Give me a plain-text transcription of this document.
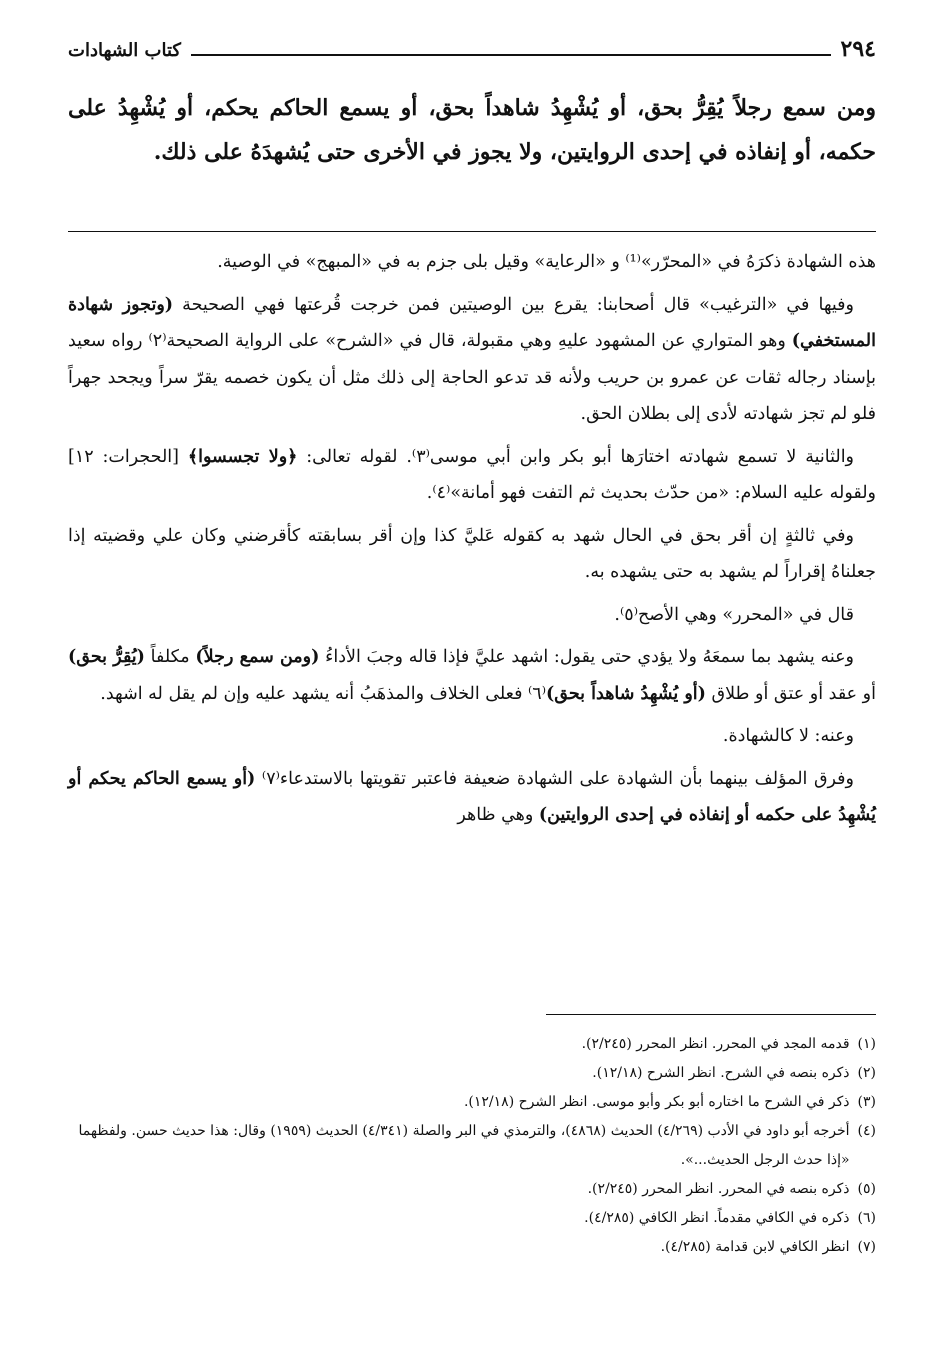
٢٩٤
كتاب الشهادات

ومن سمع رجلاً يُقِرُّ بحق، أو يُشْهِدُ شاهداً بحق، أو يسمع الحاكم يحكم، أو يُشْهِدُ على حكمه، أو إنفاذه في إحدى الروايتين، ولا يجوز في الأخرى حتى يُشهدَهُ على ذلك.

هذه الشهادة ذكرَهُ في «المحرّر»⁽¹⁾ و «الرعاية» وقيل بلى جزم به في «المبهج» في الوصية.

وفيها في «الترغيب» قال أصحابنا: يقرع بين الوصيتين فمن خرجت قُرعتها فهي الصحيحة (وتجوز شهادة المستخفي) وهو المتواري عن المشهود عليهِ وهي مقبولة، قال في «الشرح» على الرواية الصحيحة⁽٢⁾ رواه سعيد بإسناد رجاله ثقات عن عمرو بن حريب ولأنه قد تدعو الحاجة إلى ذلك مثل أن يكون خصمه يقرّ سراً ويجحد جهراً فلو لم تجز شهادته لأدى إلى بطلان الحق.

والثانية لا تسمع شهادته اختارَها أبو بكر وابن أبي موسى⁽٣⁾. لقوله تعالى: ﴿ولا تجسسوا﴾ [الحجرات: ١٢] ولقوله عليه السلام: «من حدّث بحديث ثم التفت فهو أمانة»⁽٤⁾.

وفي ثالثةٍ إن أقر بحق في الحال شهد به كقوله عَليَّ كذا وإن أقر بسابقته كأقرضني وكان علي وقضيته إذا جعلناهُ إقراراً لم يشهد به حتى يشهده به.

قال في «المحرر» وهي الأصح⁽٥⁾.

وعنه يشهد بما سمعَهُ ولا يؤدي حتى يقول: اشهد عليَّ فإذا قاله وجبَ الأداءُ (ومن سمع رجلاً) مكلفاً (يُقِرُّ بحق) أو عقد أو عتق أو طلاق (أو يُشْهِدُ شاهداً بحق)⁽٦⁾ فعلى الخلاف والمذهَبُ أنه يشهد عليه وإن لم يقل له اشهد.

وعنه: لا كالشهادة.

وفرق المؤلف بينهما بأن الشهادة على الشهادة ضعيفة فاعتبر تقويتها بالاستدعاء⁽٧⁾ (أو يسمع الحاكم يحكم أو يُشْهِدُ على حكمه أو إنفاذه في إحدى الروايتين) وهي ظاهر

(١)
قدمه المجد في المحرر. انظر المحرر (٢/٢٤٥).
(٢)
ذكره بنصه في الشرح. انظر الشرح (١٢/١٨).
(٣)
ذكر في الشرح ما اختاره أبو بكر وأبو موسى. انظر الشرح (١٢/١٨).
(٤)
أخرجه أبو داود في الأدب (٤/٢٦٩) الحديث (٤٨٦٨)، والترمذي في البر والصلة (٤/٣٤١) الحديث (١٩٥٩) وقال: هذا حديث حسن. ولفظهما «إذا حدث الرجل الحديث...».
(٥)
ذكره بنصه في المحرر. انظر المحرر (٢/٢٤٥).
(٦)
ذكره في الكافي مقدماً. انظر الكافي (٤/٢٨٥).
(٧)
انظر الكافي لابن قدامة (٤/٢٨٥).
